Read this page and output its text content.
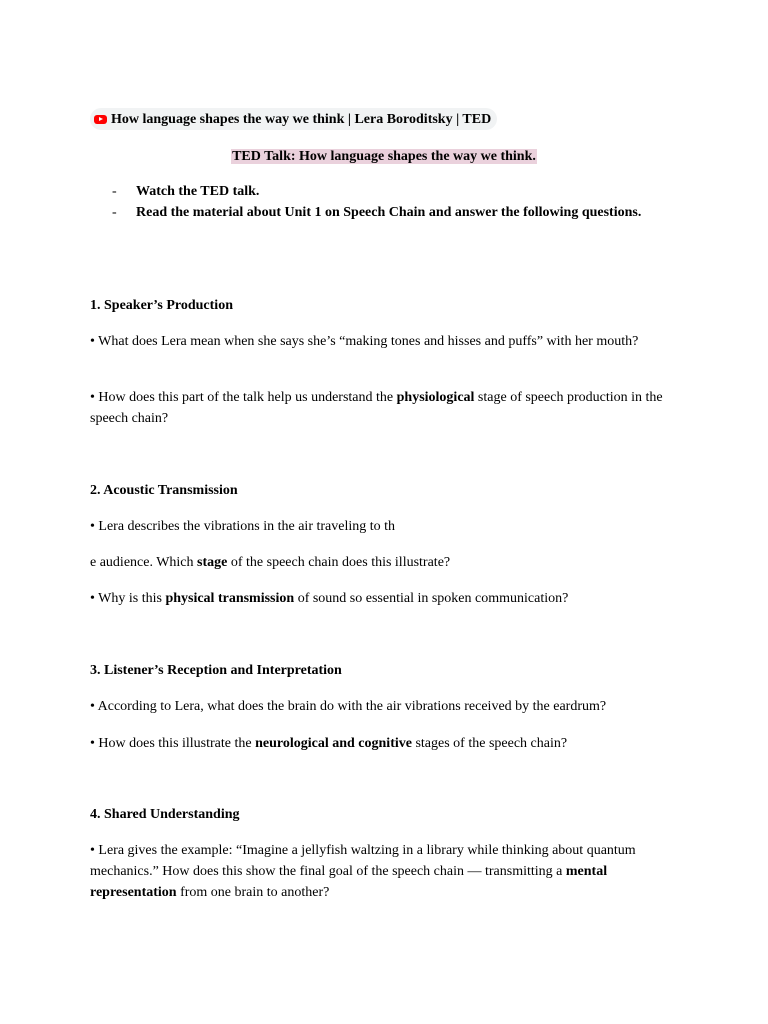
How language shapes the way we think | Lera Boroditsky | TED
TED Talk: How language shapes the way we think.
- Watch the TED talk.
- Read the material about Unit 1 on Speech Chain and answer the following questions.
1. Speaker’s Production
• What does Lera mean when she says she’s “making tones and hisses and puffs” with her mouth?
• How does this part of the talk help us understand the physiological stage of speech production in the speech chain?
2. Acoustic Transmission
• Lera describes the vibrations in the air traveling to th
e audience. Which stage of the speech chain does this illustrate?
• Why is this physical transmission of sound so essential in spoken communication?
3. Listener’s Reception and Interpretation
• According to Lera, what does the brain do with the air vibrations received by the eardrum?
• How does this illustrate the neurological and cognitive stages of the speech chain?
4. Shared Understanding
• Lera gives the example: “Imagine a jellyfish waltzing in a library while thinking about quantum mechanics.” How does this show the final goal of the speech chain — transmitting a mental representation from one brain to another?
